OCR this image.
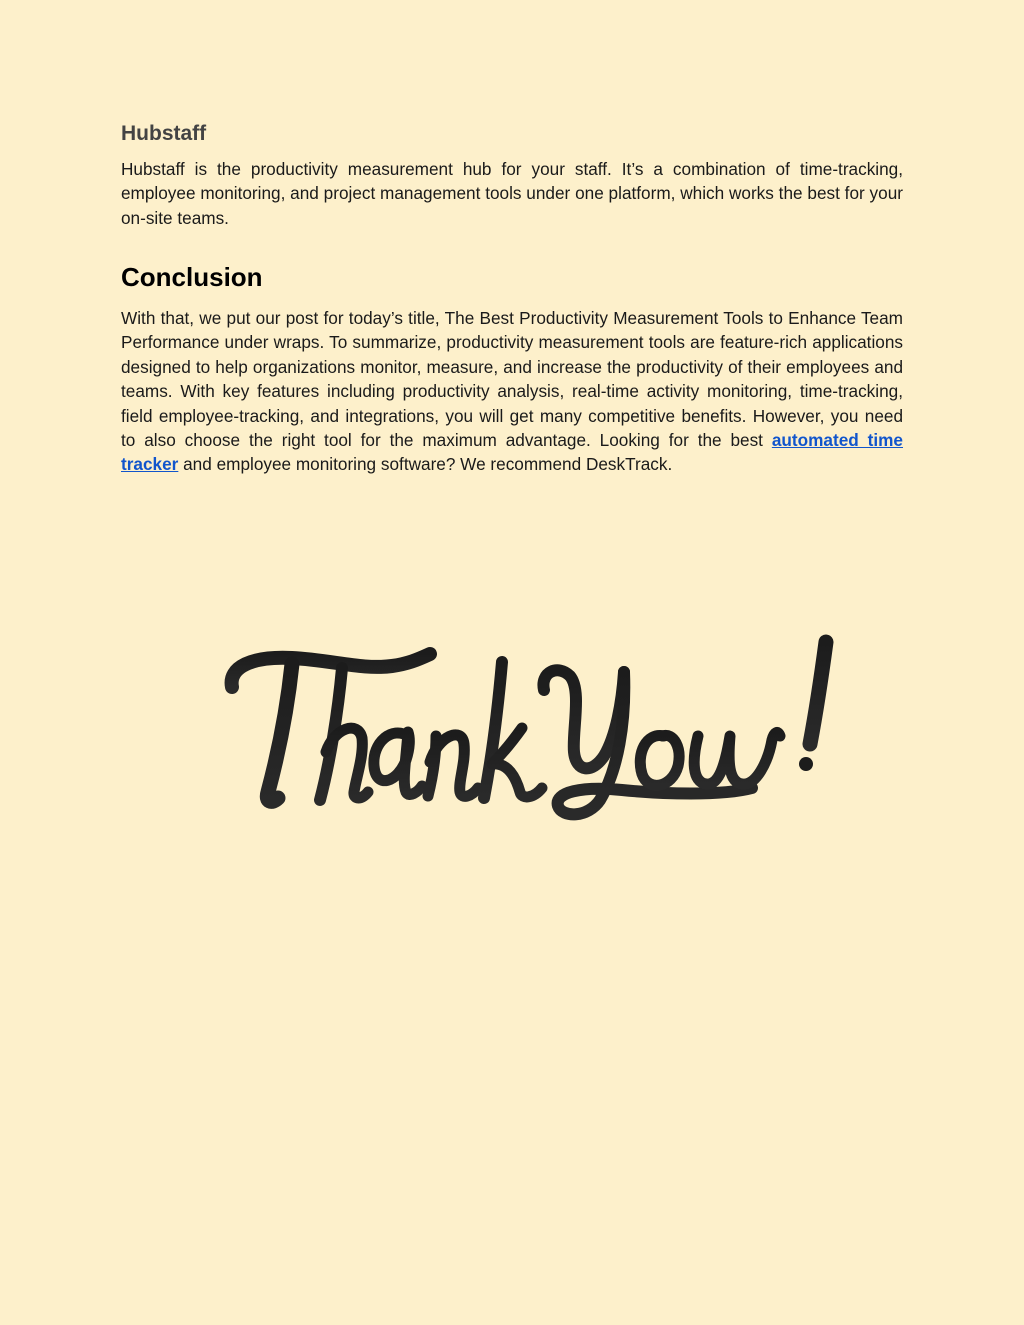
Hubstaff

Hubstaff is the productivity measurement hub for your staff. It’s a combination of time-tracking, employee monitoring, and project management tools under one platform, which works the best for your on-site teams.

Conclusion

With that, we put our post for today’s title, The Best Productivity Measurement Tools to Enhance Team Performance under wraps. To summarize, productivity measurement tools are feature-rich applications designed to help organizations monitor, measure, and increase the productivity of their employees and teams. With key features including productivity analysis, real-time activity monitoring, time-tracking, field employee-tracking, and integrations, you will get many competitive benefits. However, you need to also choose the right tool for the maximum advantage. Looking for the best automated time tracker and employee monitoring software? We recommend DeskTrack.
